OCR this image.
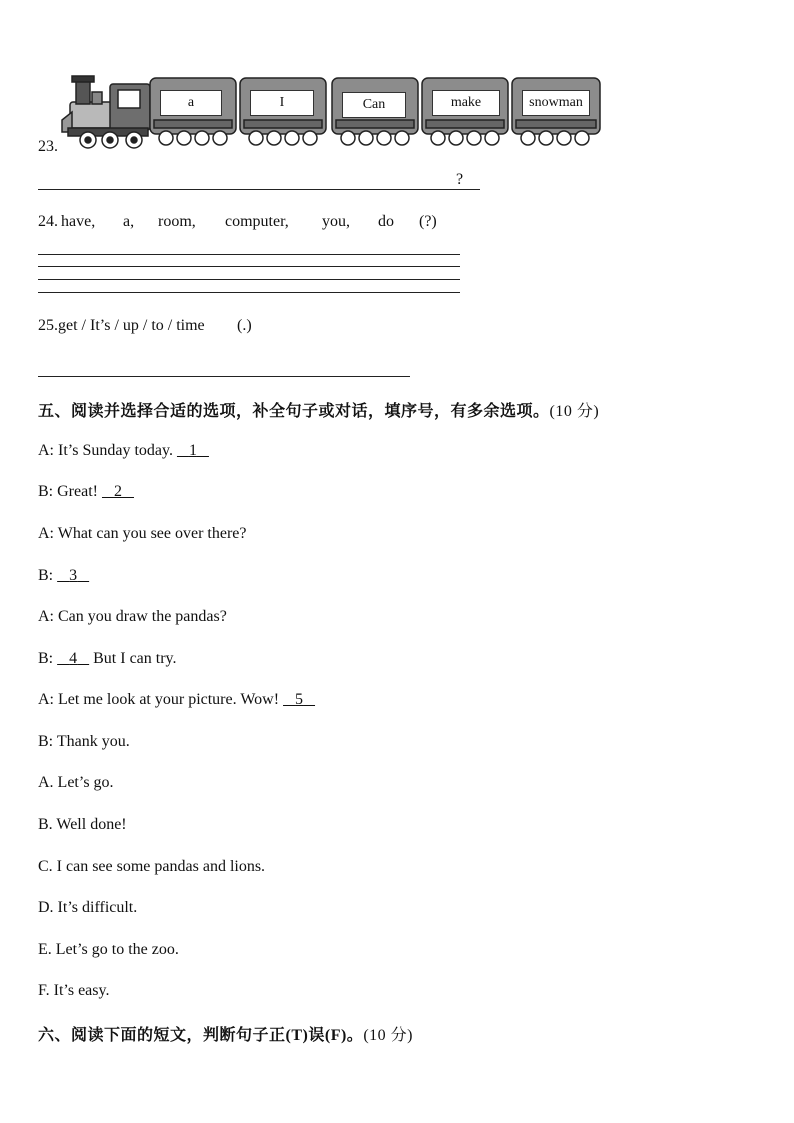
23.
a	I	Can	make	snowman
?
24. have, a, room, computer, you, do (?)
25.get / It’s / up / to / time (.)
五、阅读并选择合适的选项，补全句子或对话，填序号，有多余选项。(10 分)
A: It’s Sunday today. 1
B: Great! 2
A: What can you see over there?
B: 3
A: Can you draw the pandas?
B: 4 But I can try.
A: Let me look at your picture. Wow! 5
B: Thank you.
A. Let’s go.
B. Well done!
C. I can see some pandas and lions.
D. It’s difficult.
E. Let’s go to the zoo.
F. It’s easy.
六、阅读下面的短文，判断句子正(T)误(F)。(10 分)
